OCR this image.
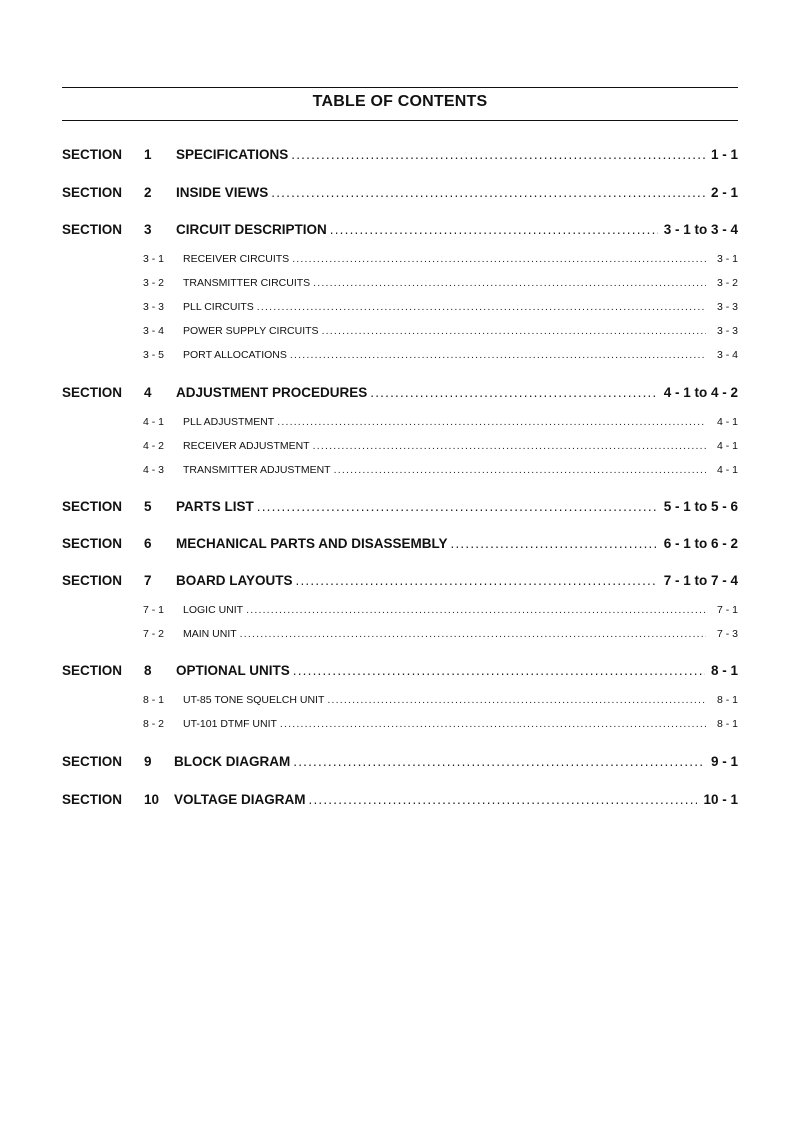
TABLE OF CONTENTS
SECTION 1 SPECIFICATIONS .....	1 - 1
SECTION 2 INSIDE VIEWS .....	2 - 1
SECTION 3 CIRCUIT DESCRIPTION .....	3 - 1 to 3 - 4
3 - 1 RECEIVER CIRCUITS .....	3 - 1
3 - 2 TRANSMITTER CIRCUITS .....	3 - 2
3 - 3 PLL CIRCUITS .....	3 - 3
3 - 4 POWER SUPPLY CIRCUITS .....	3 - 3
3 - 5 PORT ALLOCATIONS .....	3 - 4
SECTION 4 ADJUSTMENT PROCEDURES .....	4 - 1 to 4 - 2
4 - 1 PLL ADJUSTMENT .....	4 - 1
4 - 2 RECEIVER ADJUSTMENT .....	4 - 1
4 - 3 TRANSMITTER ADJUSTMENT .....	4 - 1
SECTION 5 PARTS LIST .....	5 - 1 to 5 - 6
SECTION 6 MECHANICAL PARTS AND DISASSEMBLY .....	6 - 1 to 6 - 2
SECTION 7 BOARD LAYOUTS .....	7 - 1 to 7 - 4
7 - 1 LOGIC UNIT .....	7 - 1
7 - 2 MAIN UNIT .....	7 - 3
SECTION 8 OPTIONAL UNITS .....	8 - 1
8 - 1 UT-85 TONE SQUELCH UNIT .....	8 - 1
8 - 2 UT-101 DTMF UNIT .....	8 - 1
SECTION 9 BLOCK DIAGRAM .....	9 - 1
SECTION 10 VOLTAGE DIAGRAM .....	10 - 1
